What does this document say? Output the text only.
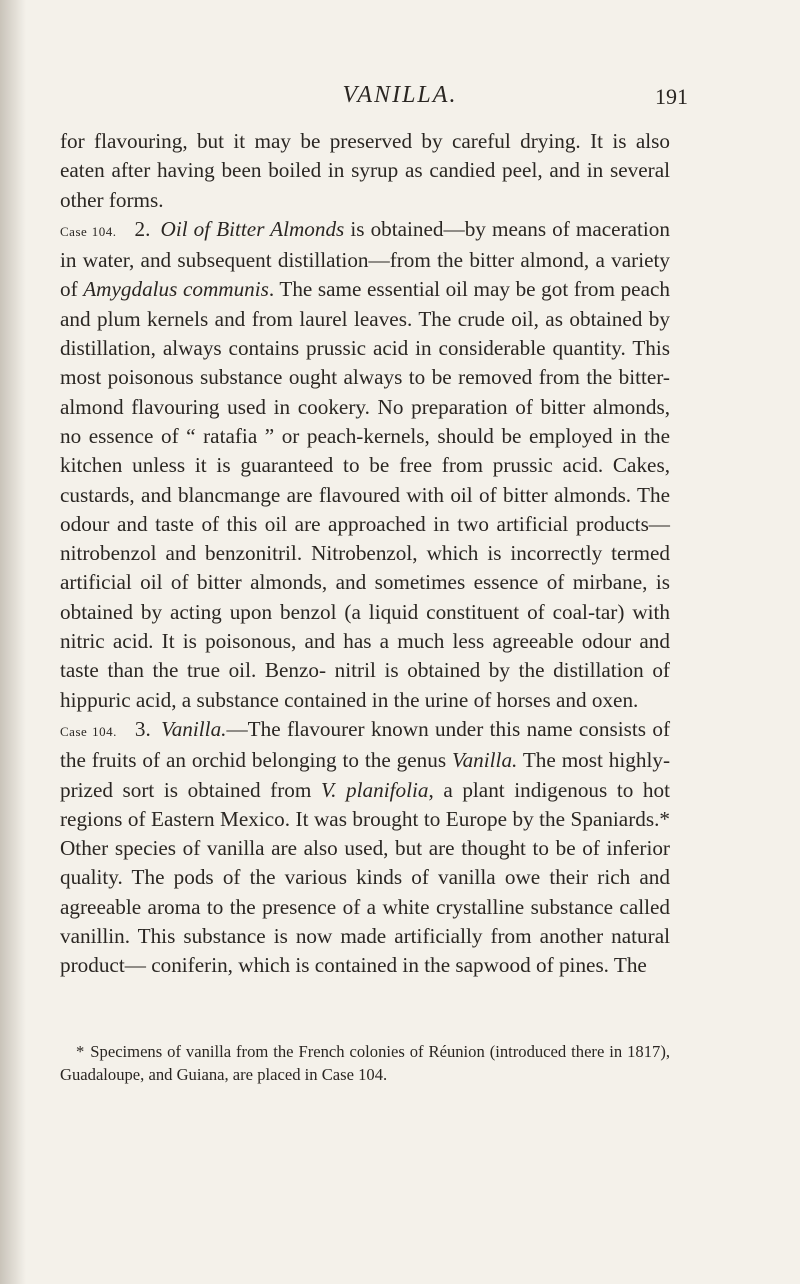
VANILLA.	191

for flavouring, but it may be preserved by careful drying. It is also eaten after having been boiled in syrup as candied peel, and in several other forms.

Case 104. 2. Oil of Bitter Almonds is obtained—by means of maceration in water, and subsequent distillation—from the bitter almond, a variety of Amygdalus communis. The same essential oil may be got from peach and plum kernels and from laurel leaves. The crude oil, as obtained by distillation, always contains prussic acid in considerable quantity. This most poisonous substance ought always to be removed from the bitter-almond flavouring used in cookery. No preparation of bitter almonds, no essence of “ ratafia ” or peach-kernels, should be employed in the kitchen unless it is guaranteed to be free from prussic acid. Cakes, custards, and blancmange are flavoured with oil of bitter almonds. The odour and taste of this oil are approached in two artificial products—nitrobenzol and benzonitril. Nitrobenzol, which is incorrectly termed artificial oil of bitter almonds, and sometimes essence of mirbane, is obtained by acting upon benzol (a liquid constituent of coal-tar) with nitric acid. It is poisonous, and has a much less agreeable odour and taste than the true oil. Benzo- nitril is obtained by the distillation of hippuric acid, a substance contained in the urine of horses and oxen.

Case 104. 3. Vanilla.—The flavourer known under this name consists of the fruits of an orchid belonging to the genus Vanilla. The most highly-prized sort is obtained from V. planifolia, a plant indigenous to hot regions of Eastern Mexico. It was brought to Europe by the Spaniards.* Other species of vanilla are also used, but are thought to be of inferior quality. The pods of the various kinds of vanilla owe their rich and agreeable aroma to the presence of a white crystalline substance called vanillin. This substance is now made artificially from another natural product— coniferin, which is contained in the sapwood of pines. The

* Specimens of vanilla from the French colonies of Réunion (introduced there in 1817), Guadaloupe, and Guiana, are placed in Case 104.
